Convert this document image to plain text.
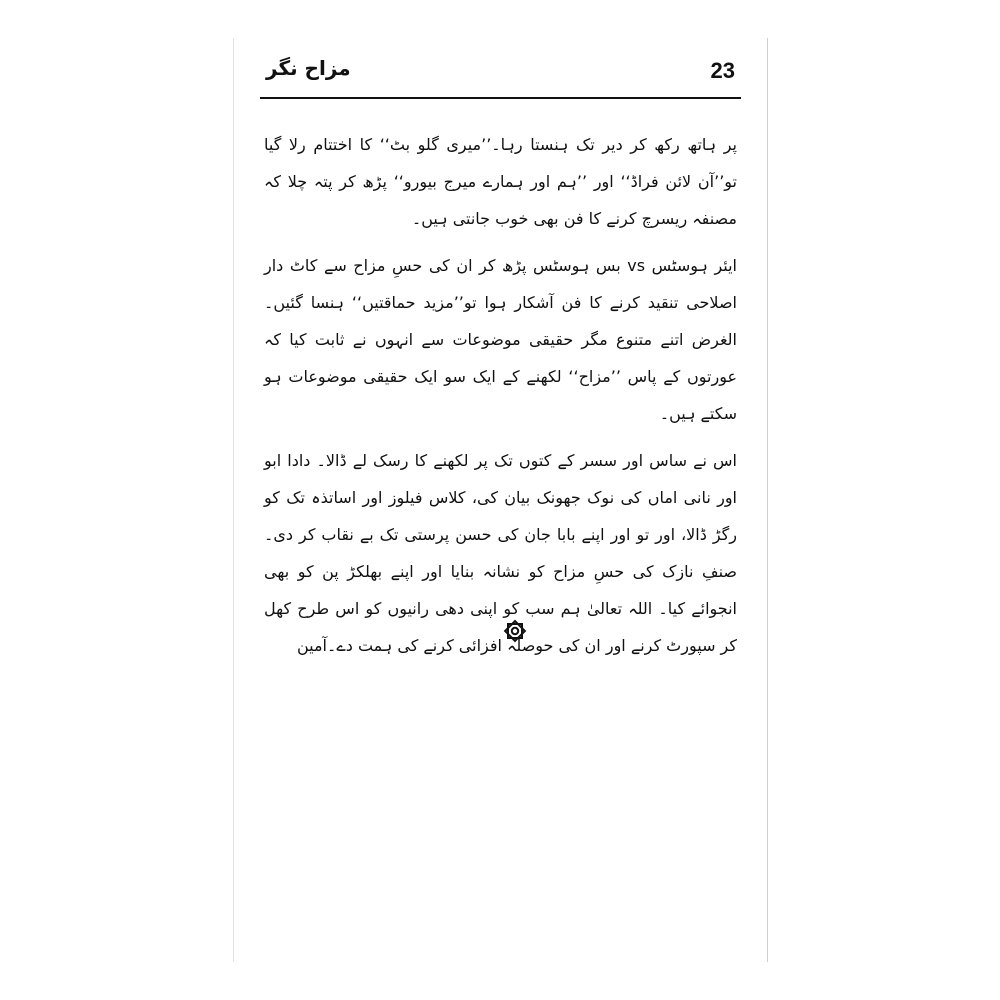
23
مزاح نگر

پر ہاتھ رکھ کر دیر تک ہنستا رہا۔’’میری گلو بٹ‘‘ کا اختتام رلا گیا تو’’آن لائن فراڈ‘‘ اور ’’ہم اور ہمارے میرج بیورو‘‘ پڑھ کر پتہ چلا کہ مصنفہ ریسرچ کرنے کا فن بھی خوب جانتی ہیں۔

ایئر ہوسٹس vs بس ہوسٹس پڑھ کر ان کی حسِ مزاح سے کاٹ دار اصلاحی تنقید کرنے کا فن آشکار ہوا تو’’مزید حماقتیں‘‘ ہنسا گئیں۔ الغرض اتنے متنوع مگر حقیقی موضوعات سے انہوں نے ثابت کیا کہ عورتوں کے پاس ’’مزاح‘‘ لکھنے کے ایک سو ایک حقیقی موضوعات ہو سکتے ہیں۔

اس نے ساس اور سسر کے کتوں تک پر لکھنے کا رسک لے ڈالا۔ دادا ابو اور نانی اماں کی نوک جھونک بیان کی، کلاس فیلوز اور اساتذہ تک کو رگڑ ڈالا، اور تو اور اپنے بابا جان کی حسن پرستی تک بے نقاب کر دی۔صنفِ نازک کی حسِ مزاح کو نشانہ بنایا اور اپنے بھلکڑ پن کو بھی انجوائے کیا۔ اللہ تعالیٰ ہم سب کو اپنی دھی رانیوں کو اس طرح کھل کر سپورٹ کرنے اور ان کی حوصلہ افزائی کرنے کی ہمت دے۔آمین
